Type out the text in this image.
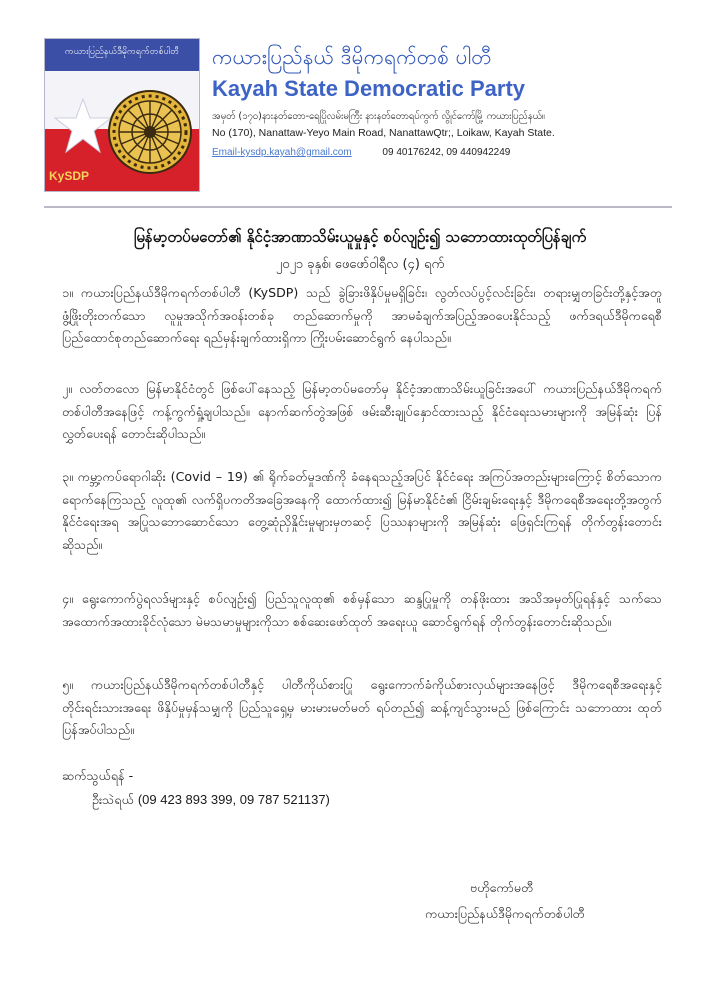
ကယားပြည်နယ်ဒီမိုကရက်တစ်ပါတီ
KySDP
ကယားပြည်နယ် ဒီမိုကရက်တစ် ပါတီ
Kayah State Democratic Party
အမှတ် (၁၇၀)နားနတ်တော-ရေပြိုလမ်းမကြီး နားနတ်တောရပ်ကွက် လွိုင်ကော်မြို့ ကယားပြည်နယ်။
No (170), Nanattaw-Yeyo Main Road, NanattawQtr;, Loikaw, Kayah State.
Email-kysdp.kayah@gmail.com	09 40176242, 09 440942249
မြန်မာ့တပ်မတော်၏ နိုင်ငံ့အာဏာသိမ်းယူမှုနှင့် စပ်လျဉ်း၍ သဘောထားထုတ်ပြန်ချက်
၂၀၂၁ ခုနှစ်၊ ဖေဖော်ဝါရီလ (၄) ရက်

၁။ ကယားပြည်နယ်ဒီမိုကရက်တစ်ပါတီ (KySDP) သည် ခွဲခြားဖိနှိပ်မှုမရှိခြင်း၊ လွတ်လပ်ပွင့်လင်းခြင်း၊ တရားမျှတခြင်းတို့နှင့်အတူ ဖွံ့ဖြိုးတိုးတက်သော လူမှုအသိုက်အဝန်းတစ်ခု တည်ဆောက်မှုကို အာမခံချက်အပြည့်အဝပေးနိုင်သည့် ဖက်ဒရယ်ဒီမိုကရေစီပြည်ထောင်စုတည်ဆောက်ရေး ရည်မှန်းချက်ထားရှိကာ ကြိုးပမ်းဆောင်ရွက် နေပါသည်။

၂။ လတ်တလော မြန်မာနိုင်ငံတွင် ဖြစ်ပေါ်နေသည့် မြန်မာ့တပ်မတော်မှ နိုင်ငံ့အာဏာသိမ်းယူခြင်းအပေါ် ကယားပြည်နယ်ဒီမိုကရက်တစ်ပါတီအနေဖြင့် ကန့်ကွက်ရှုံ့ချပါသည်။ နောက်ဆက်တွဲအဖြစ် ဖမ်းဆီးချုပ်နှောင်ထားသည့် နိုင်ငံရေးသမားများကို အမြန်ဆုံး ပြန်လွှတ်ပေးရန် တောင်းဆိုပါသည်။

၃။ ကမ္ဘာ့ကပ်ရောဂါဆိုး (Covid – 19) ၏ ရိုက်ခတ်မှုဒဏ်ကို ခံနေရသည့်အပြင် နိုင်ငံရေး အကြပ်အတည်းများကြောင့် စိတ်သောကရောက်နေကြသည့် လူထု၏ လက်ရှိပကတိအခြေအနေကို ထောက်ထား၍ မြန်မာနိုင်ငံ၏ ငြိမ်းချမ်းရေးနှင့် ဒီမိုကရေစီအရေးတို့အတွက် နိုင်ငံရေးအရ အပြုသဘောဆောင်သော တွေ့ဆုံညှိနှိုင်းမှုများမှတဆင့် ပြဿနာများကို အမြန်ဆုံး ဖြေရှင်းကြရန် တိုက်တွန်းတောင်းဆိုသည်။

၄။ ရွေးကောက်ပွဲရလဒ်များနှင့် စပ်လျဉ်း၍ ပြည်သူလူထု၏ စစ်မှန်သော ဆန္ဒပြုမှုကို တန်ဖိုးထား အသိအမှတ်ပြုရန်နှင့် သက်သေအထောက်အထားခိုင်လုံသော မဲမသမာမှုများကိုသာ စစ်ဆေးဖော်ထုတ် အရေးယူ ဆောင်ရွက်ရန် တိုက်တွန်းတောင်းဆိုသည်။

၅။ ကယားပြည်နယ်ဒီမိုကရက်တစ်ပါတီနှင့် ပါတီကိုယ်စားပြု ရွေးကောက်ခံကိုယ်စားလှယ်များအနေဖြင့် ဒီမိုကရေစီအရေးနှင့် တိုင်းရင်းသားအရေး ဖိနှိပ်မှုမှန်သမျှကို ပြည်သူရှေ့မှ မားမားမတ်မတ် ရပ်တည်၍ ဆန့်ကျင်သွားမည် ဖြစ်ကြောင်း သဘောထား ထုတ်ပြန်အပ်ပါသည်။

ဆက်သွယ်ရန် -
ဦးသဲရယ် (09 423 893 399, 09 787 521137)
ဗဟိုကော်မတီ
ကယားပြည်နယ်ဒီမိုကရက်တစ်ပါတီ
